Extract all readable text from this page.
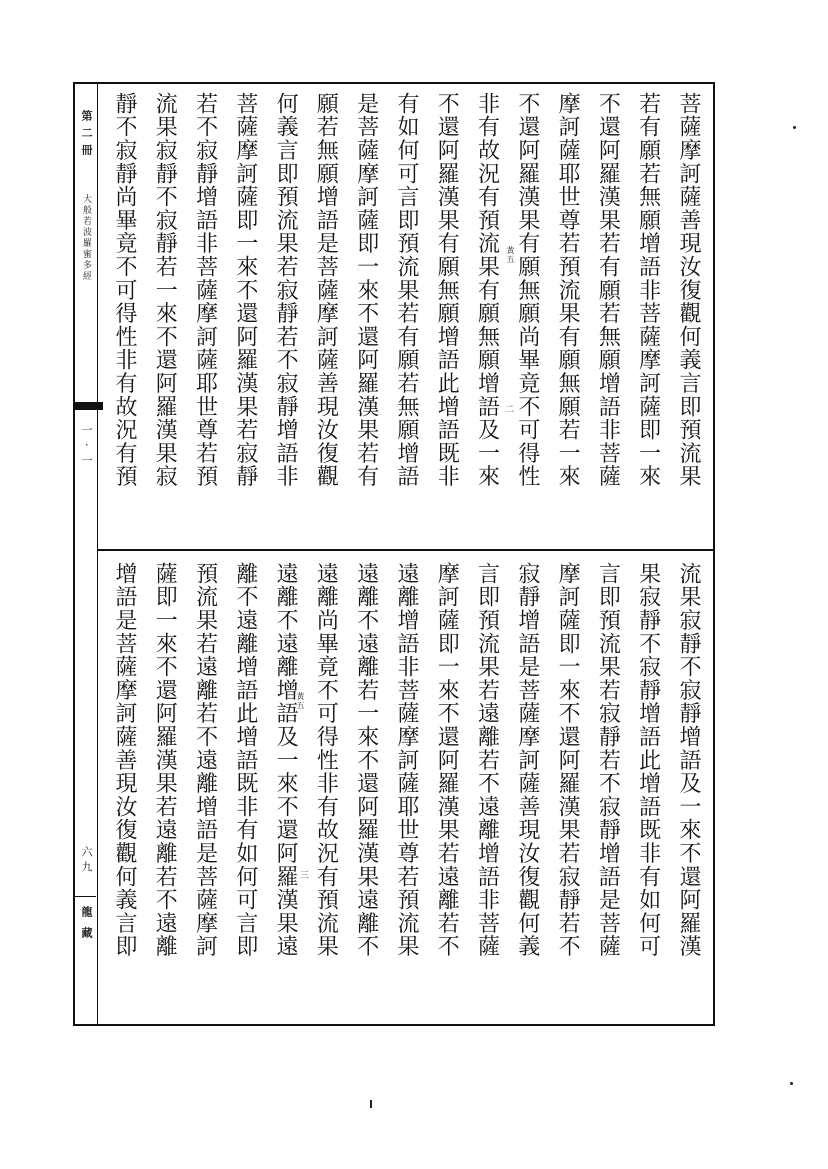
第二冊
大般若波羅蜜多經
一·一
六九
龍藏
菩薩摩訶薩善現汝復觀何義言即預流果
若有願若無願增語非菩薩摩訶薩即一來
不還阿羅漢果若有願若無願增語非菩薩
摩訶薩耶世尊若預流果有願無願若一來
不還阿羅漢果有願無願尚畢竟不可得性
非有故況有預流果有願無願增語及一來
不還阿羅漢果有願無願增語此增語既非
有如何可言即預流果若有願若無願增語
是菩薩摩訶薩即一來不還阿羅漢果若有
願若無願增語是菩薩摩訶薩善現汝復觀
何義言即預流果若寂靜若不寂靜增語非
菩薩摩訶薩即一來不還阿羅漢果若寂靜
若不寂靜增語非菩薩摩訶薩耶世尊若預
流果寂靜不寂靜若一來不還阿羅漢果寂
靜不寂靜尚畢竟不可得性非有故況有預	黃五
二
流果寂靜不寂靜增語及一來不還阿羅漢
果寂靜不寂靜增語此增語既非有如何可
言即預流果若寂靜若不寂靜增語是菩薩
摩訶薩即一來不還阿羅漢果若寂靜若不
寂靜增語是菩薩摩訶薩善現汝復觀何義
言即預流果若遠離若不遠離增語非菩薩
摩訶薩即一來不還阿羅漢果若遠離若不
遠離增語非菩薩摩訶薩耶世尊若預流果
遠離不遠離若一來不還阿羅漢果遠離不
遠離尚畢竟不可得性非有故況有預流果
遠離不遠離增語及一來不還阿羅漢果遠
離不遠離增語此增語既非有如何可言即
預流果若遠離若不遠離增語是菩薩摩訶
薩即一來不還阿羅漢果若遠離若不遠離
增語是菩薩摩訶薩善現汝復觀何義言即	黃五
三
